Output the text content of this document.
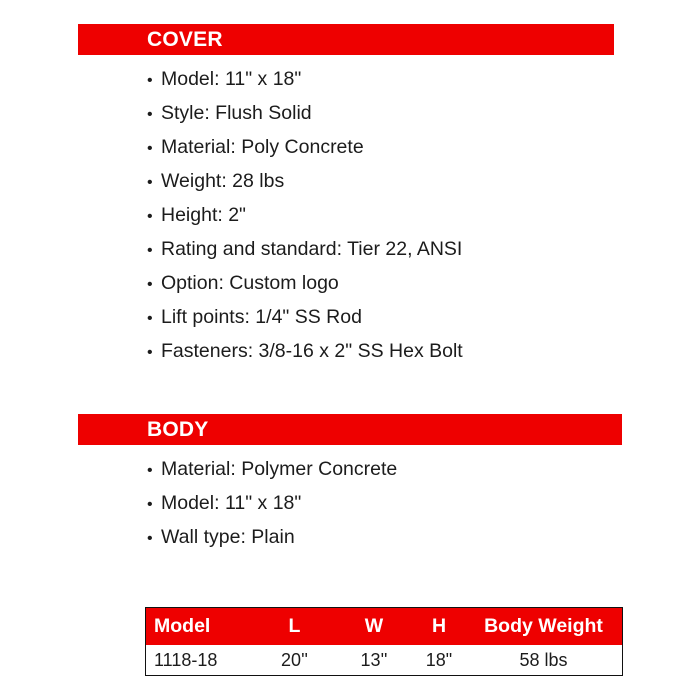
COVER
• Model: 11" x 18"
• Style: Flush Solid
• Material: Poly Concrete
• Weight: 28 lbs
• Height: 2"
• Rating and standard: Tier 22, ANSI
• Option: Custom logo
• Lift points: 1/4" SS Rod
• Fasteners: 3/8-16 x 2" SS Hex Bolt
BODY
• Material: Polymer Concrete
• Model: 11" x 18"
• Wall type: Plain
Model	L	W	H	Body Weight
1118-18	20''	13''	18"	58 lbs
